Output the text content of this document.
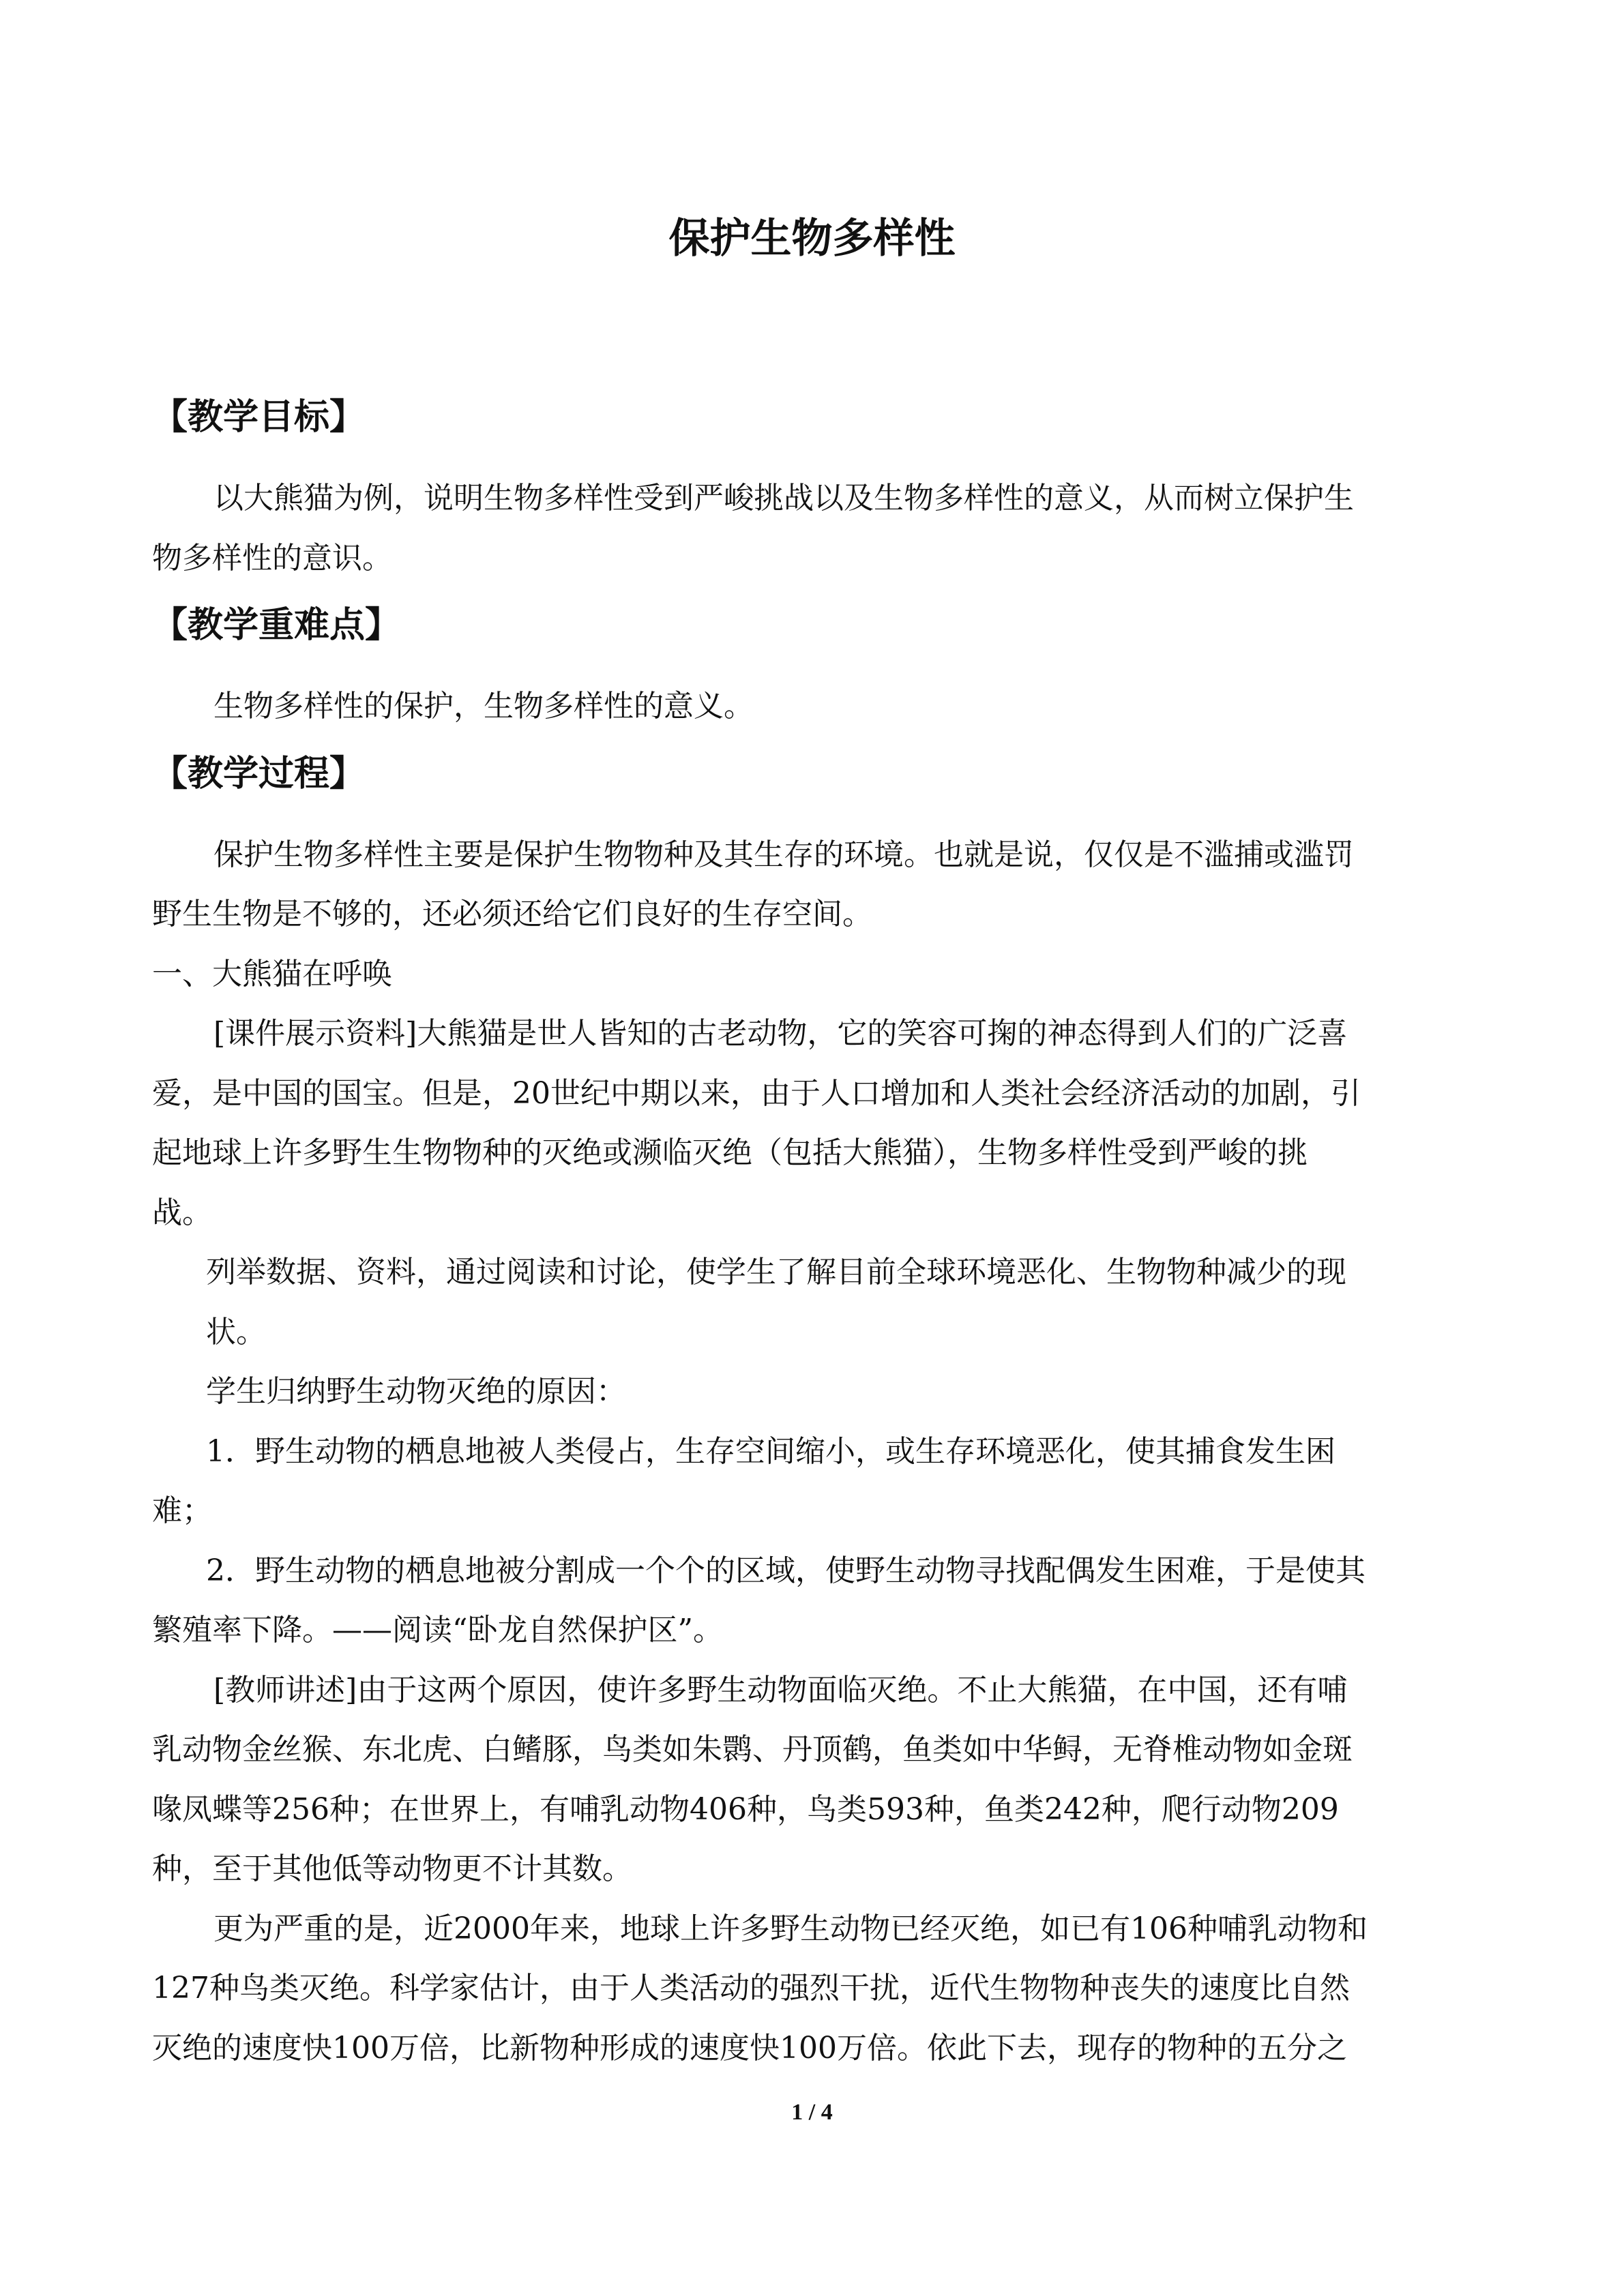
保护生物多样性
【教学目标】

以大熊猫为例，说明生物多样性受到严峻挑战以及生物多样性的意义，从而树立保护生

物多样性的意识。

【教学重难点】

生物多样性的保护，生物多样性的意义。

【教学过程】

保护生物多样性主要是保护生物物种及其生存的环境。也就是说，仅仅是不滥捕或滥罚

野生生物是不够的，还必须还给它们良好的生存空间。

一、大熊猫在呼唤

[课件展示资料]大熊猫是世人皆知的古老动物，它的笑容可掬的神态得到人们的广泛喜

爱，是中国的国宝。但是，20世纪中期以来，由于人口增加和人类社会经济活动的加剧，引

起地球上许多野生生物物种的灭绝或濒临灭绝（包括大熊猫），生物多样性受到严峻的挑

战。

列举数据、资料，通过阅读和讨论，使学生了解目前全球环境恶化、生物物种减少的现

状。

学生归纳野生动物灭绝的原因：

1．野生动物的栖息地被人类侵占，生存空间缩小，或生存环境恶化，使其捕食发生困

难；

2．野生动物的栖息地被分割成一个个的区域，使野生动物寻找配偶发生困难，于是使其

繁殖率下降。——阅读“卧龙自然保护区”。

[教师讲述]由于这两个原因，使许多野生动物面临灭绝。不止大熊猫，在中国，还有哺

乳动物金丝猴、东北虎、白鳍豚，鸟类如朱鹮、丹顶鹤，鱼类如中华鲟，无脊椎动物如金斑

喙凤蝶等256种；在世界上，有哺乳动物406种，鸟类593种，鱼类242种，爬行动物209

种，至于其他低等动物更不计其数。

更为严重的是，近2000年来，地球上许多野生动物已经灭绝，如已有106种哺乳动物和

127种鸟类灭绝。科学家估计，由于人类活动的强烈干扰，近代生物物种丧失的速度比自然

灭绝的速度快100万倍，比新物种形成的速度快100万倍。依此下去，现存的物种的五分之

1 / 4
